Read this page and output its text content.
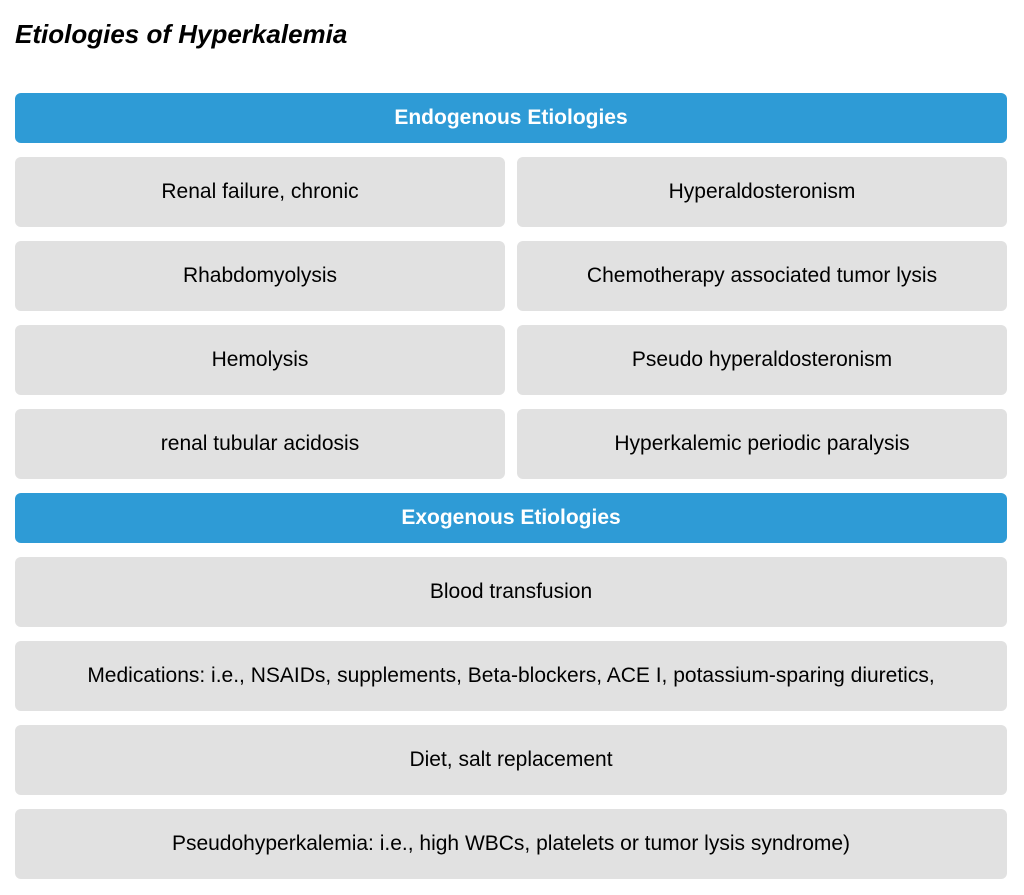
Etiologies of Hyperkalemia
Endogenous Etiologies
Renal failure, chronic	Hyperaldosteronism
Rhabdomyolysis	Chemotherapy associated tumor lysis
Hemolysis	Pseudo hyperaldosteronism
renal tubular acidosis	Hyperkalemic periodic paralysis
Exogenous Etiologies
Blood transfusion
Medications: i.e., NSAIDs, supplements, Beta-blockers, ACE I, potassium-sparing diuretics,
Diet, salt replacement
Pseudohyperkalemia: i.e., high WBCs, platelets or tumor lysis syndrome)
